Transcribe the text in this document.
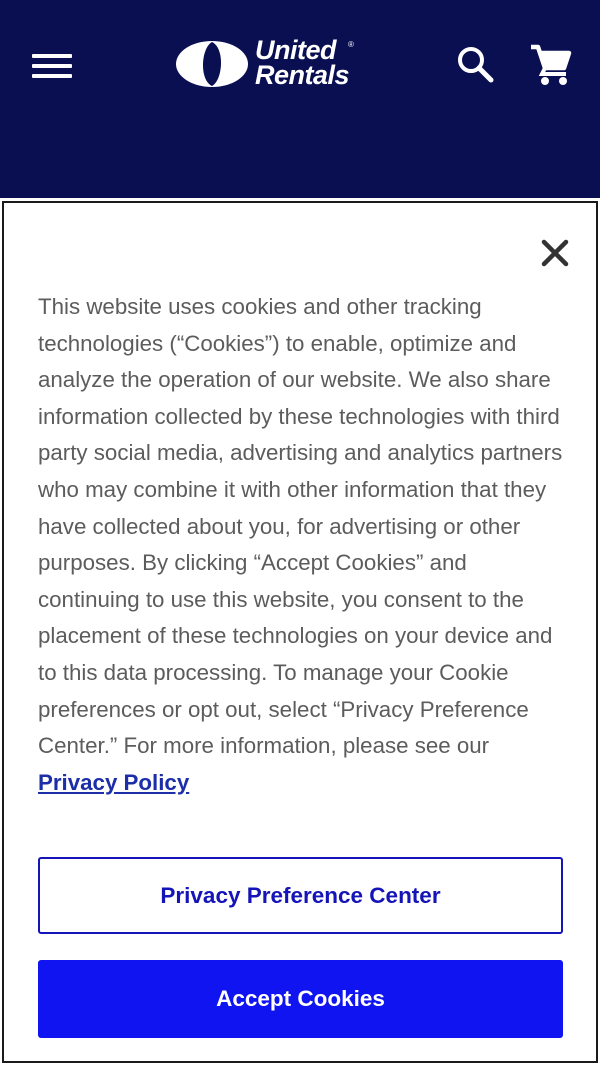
United
Rentals
®

This website uses cookies and other tracking technologies (“Cookies”) to enable, optimize and analyze the operation of our website. We also share information collected by these technologies with third party social media, advertising and analytics partners who may combine it with other information that they have collected about you, for advertising or other purposes. By clicking “Accept Cookies” and continuing to use this website, you consent to the placement of these technologies on your device and to this data processing. To manage your Cookie preferences or opt out, select “Privacy Preference Center.” For more information, please see our Privacy Policy

Privacy Preference Center
Accept Cookies
